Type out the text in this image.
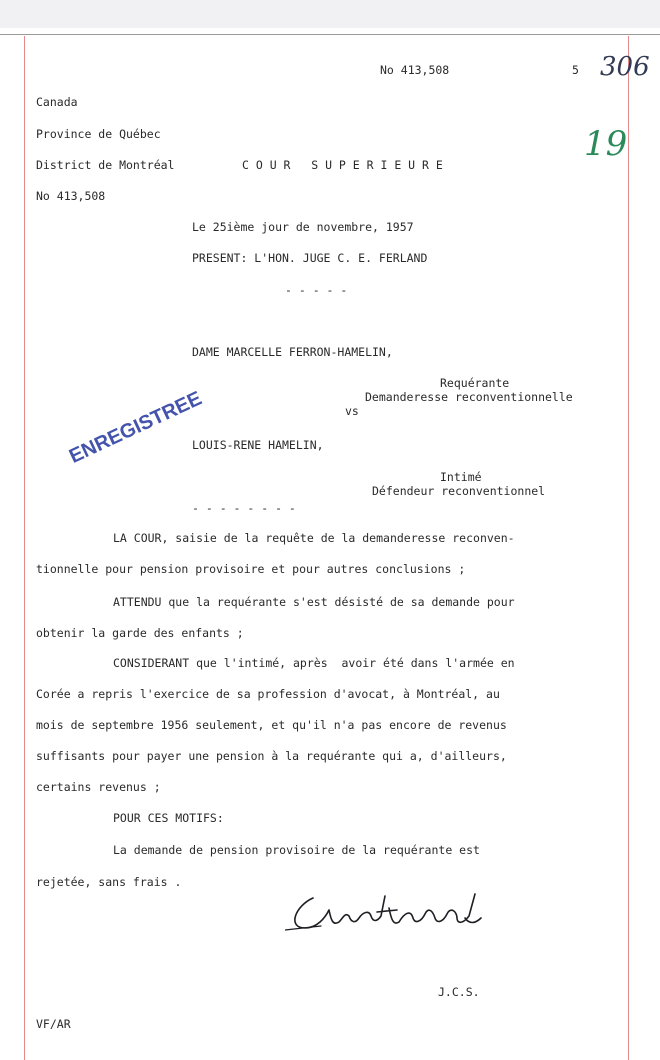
No 413,508	5 306
19
Canada
Province de Québec
District de Montréal	C O U R   S U P E R I E U R E
No 413,508
Le 25ième jour de novembre, 1957
PRESENT: L'HON. JUGE C. E. FERLAND
- - - - -
DAME MARCELLE FERRON-HAMELIN,
Requérante
Demanderesse reconventionnelle
vs
LOUIS-RENE HAMELIN,
Intimé
Défendeur reconventionnel
ENREGISTREE
- - - - - - - -
LA COUR, saisie de la requête de la demanderesse reconven-
tionnelle pour pension provisoire et pour autres conclusions ;
ATTENDU que la requérante s'est désisté de sa demande pour
obtenir la garde des enfants ;
CONSIDERANT que l'intimé, après  avoir été dans l'armée en
Corée a repris l'exercice de sa profession d'avocat, à Montréal, au
mois de septembre 1956 seulement, et qu'il n'a pas encore de revenus
suffisants pour payer une pension à la requérante qui a, d'ailleurs,
certains revenus ;
POUR CES MOTIFS:
La demande de pension provisoire de la requérante est
rejetée, sans frais .
J.C.S.
VF/AR
